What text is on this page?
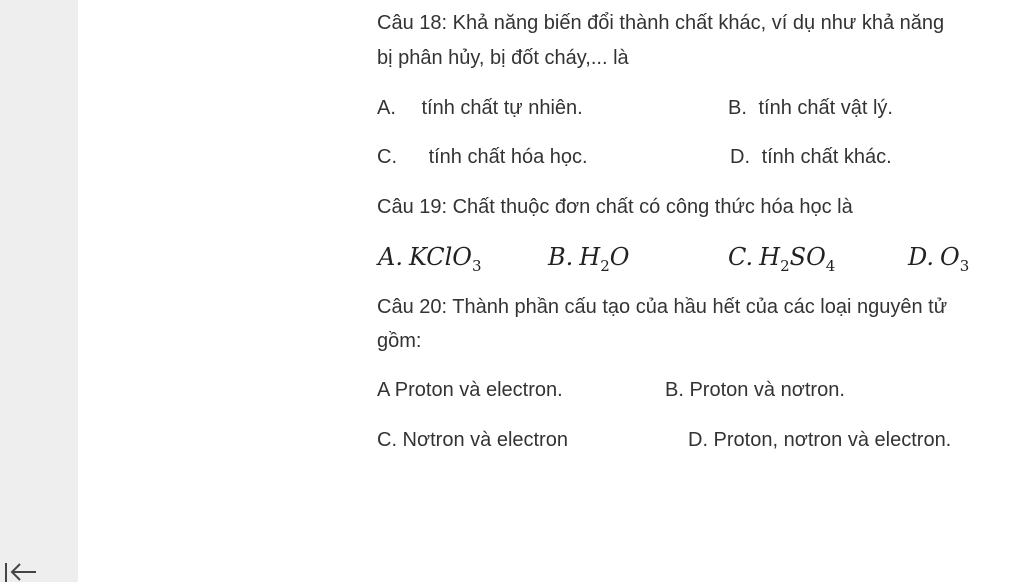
Câu 18: Khả năng biến đổi thành chất khác, ví dụ như khả năng
bị phân hủy, bị đốt cháy,... là
A. tính chất tự nhiên.	B. tính chất vật lý.
C. tính chất hóa học.	D. tính chất khác.
Câu 19: Chất thuộc đơn chất có công thức hóa học là
A. KClO$_3$	B. $H_2O$	C. $H_2SO_4$	D. $O_3$
Câu 20: Thành phần cấu tạo của hầu hết của các loại nguyên tử
gồm:
A Proton và electron.	B. Proton và nơtron.
C. Nơtron và electron	D. Proton, nơtron và electron.
